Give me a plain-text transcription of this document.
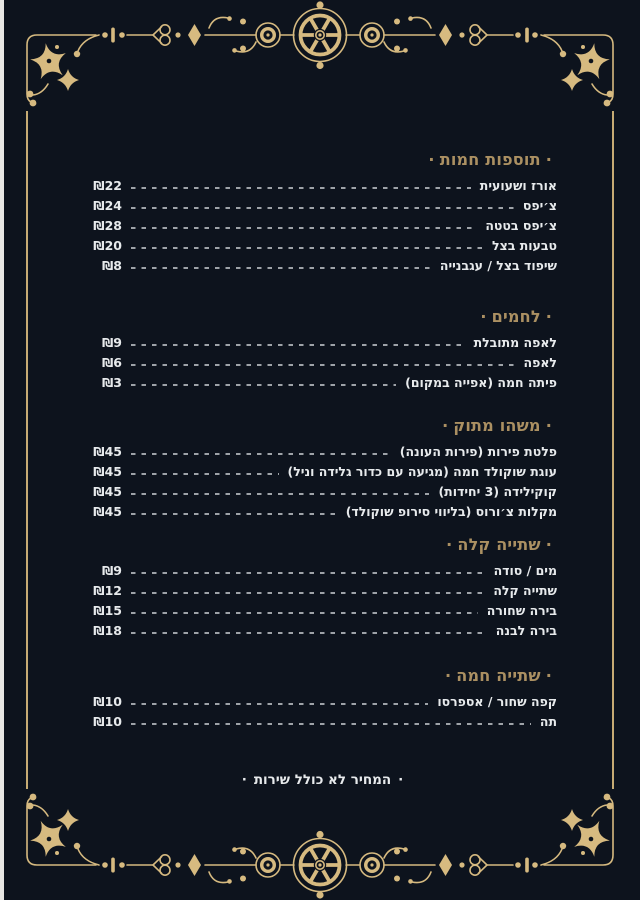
·תוספות חמות·
אורז ושעועית
₪22
צ׳יפס
₪24
צ׳יפס בטטה
₪28
טבעות בצל
₪20
שיפוד בצל / עגבנייה
₪8
·לחמים·
לאפה מתובלת
₪9
לאפה
₪6
פיתה חמה (אפייה במקום)
₪3
·משהו מתוק·
פלטת פירות (פירות העונה)
₪45
עוגת שוקולד חמה (מגיעה עם כדור גלידה וניל)
₪45
קוקילידה (3 יחידות)
₪45
מקלות צ׳ורוס (בליווי סירופ שוקולד)
₪45
·שתייה קלה·
מים / סודה
₪9
שתייה קלה
₪12
בירה שחורה
₪15
בירה לבנה
₪18
·שתייה חמה·
קפה שחור / אספרסו
₪10
תה
₪10
·המחיר לא כולל שירות·
